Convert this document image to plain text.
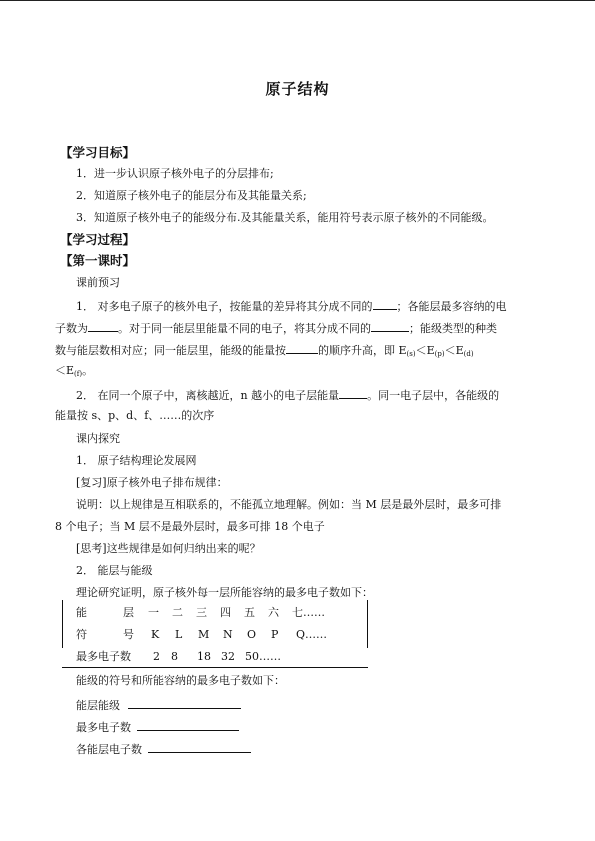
原子结构
【学习目标】
1．进一步认识原子核外电子的分层排布;
2．知道原子核外电子的能层分布及其能量关系;
3．知道原子核外电子的能级分布.及其能量关系，能用符号表示原子核外的不同能级。
【学习过程】
【第一课时】
课前预习
1． 对多电子原子的核外电子，按能量的差异将其分成不同的 ；各能层最多容纳的电
子数为	。对于同一能层里能量不同的电子，将其分成不同的	；能级类型的种类
数与能层数相对应；同一能层里，能级的能量按	的顺序升高，即 $E_{(s)}<E_{(p)}<E_{(d)}$
$<E_{(f)}$。
2． 在同一个原子中，离核越近，n 越小的电子层能量	。同一电子层中，各能级的
能量按 s、p、d、f、……的次序
课内探究
1． 原子结构理论发展网
[复习]原子核外电子排布规律：
说明：以上规律是互相联系的，不能孤立地理解。例如：当 M 层是最外层时，最多可排
8 个电子；当 M 层不是最外层时，最多可排 18 个电子
[思考]这些规律是如何归纳出来的呢？
2． 能层与能级
理论研究证明，原子核外每一层所能容纳的最多电子数如下：
能	层 一 二 三 四 五 六 七……
符	号 K L M N O P Q……
最多电子数 2 8 18 32 50……
能级的符号和所能容纳的最多电子数如下：
能层能级
最多电子数
各能层电子数
